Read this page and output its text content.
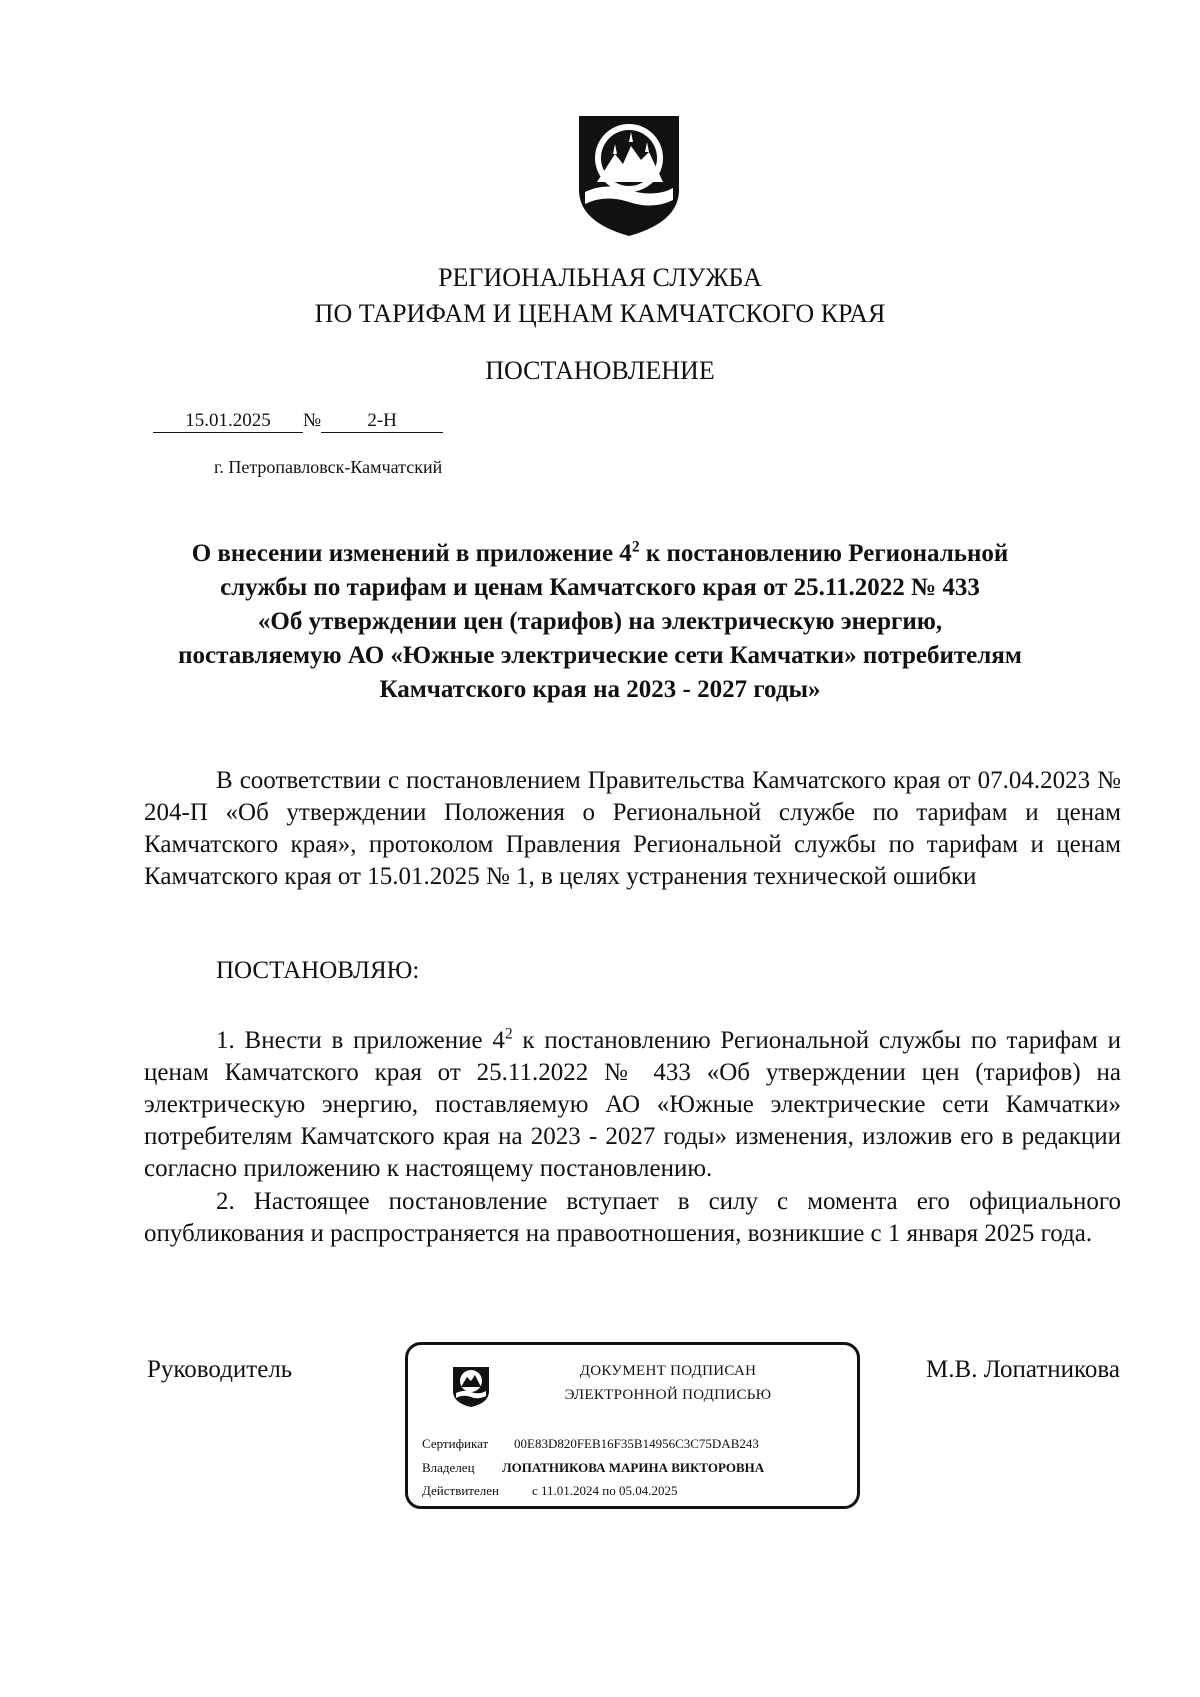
РЕГИОНАЛЬНАЯ СЛУЖБА
ПО ТАРИФАМ И ЦЕНАМ КАМЧАТСКОГО КРАЯ
ПОСТАНОВЛЕНИЕ
15.01.2025 № 2-Н
г. Петропавловск-Камчатский
О внесении изменений в приложение $4^2$ к постановлению Региональной
службы по тарифам и ценам Камчатского края от 25.11.2022 № 433
«Об утверждении цен (тарифов) на электрическую энергию,
поставляемую АО «Южные электрические сети Камчатки» потребителям
Камчатского края на 2023 - 2027 годы»

В соответствии с постановлением Правительства Камчатского края от 07.04.2023 № 204-П «Об утверждении Положения о Региональной службе по тарифам и ценам Камчатского края», протоколом Правления Региональной службы по тарифам и ценам Камчатского края от 15.01.2025 № 1, в целях устранения технической ошибки

ПОСТАНОВЛЯЮ:

1. Внести в приложение $4^2$ к постановлению Региональной службы по тарифам и ценам Камчатского края от 25.11.2022 № 433 «Об утверждении цен (тарифов) на электрическую энергию, поставляемую АО «Южные электрические сети Камчатки» потребителям Камчатского края на 2023 - 2027 годы» изменения, изложив его в редакции согласно приложению к настоящему постановлению.

2. Настоящее постановление вступает в силу с момента его официального опубликования и распространяется на правоотношения, возникшие с 1 января 2025 года.

Руководитель	М.В. Лопатникова
ДОКУМЕНТ ПОДПИСАН
ЭЛЕКТРОННОЙ ПОДПИСЬЮ
Сертификат 00E83D820FEB16F35B14956C3C75DAB243
Владелец ЛОПАТНИКОВА МАРИНА ВИКТОРОВНА
Действителен	с 11.01.2024 по 05.04.2025
